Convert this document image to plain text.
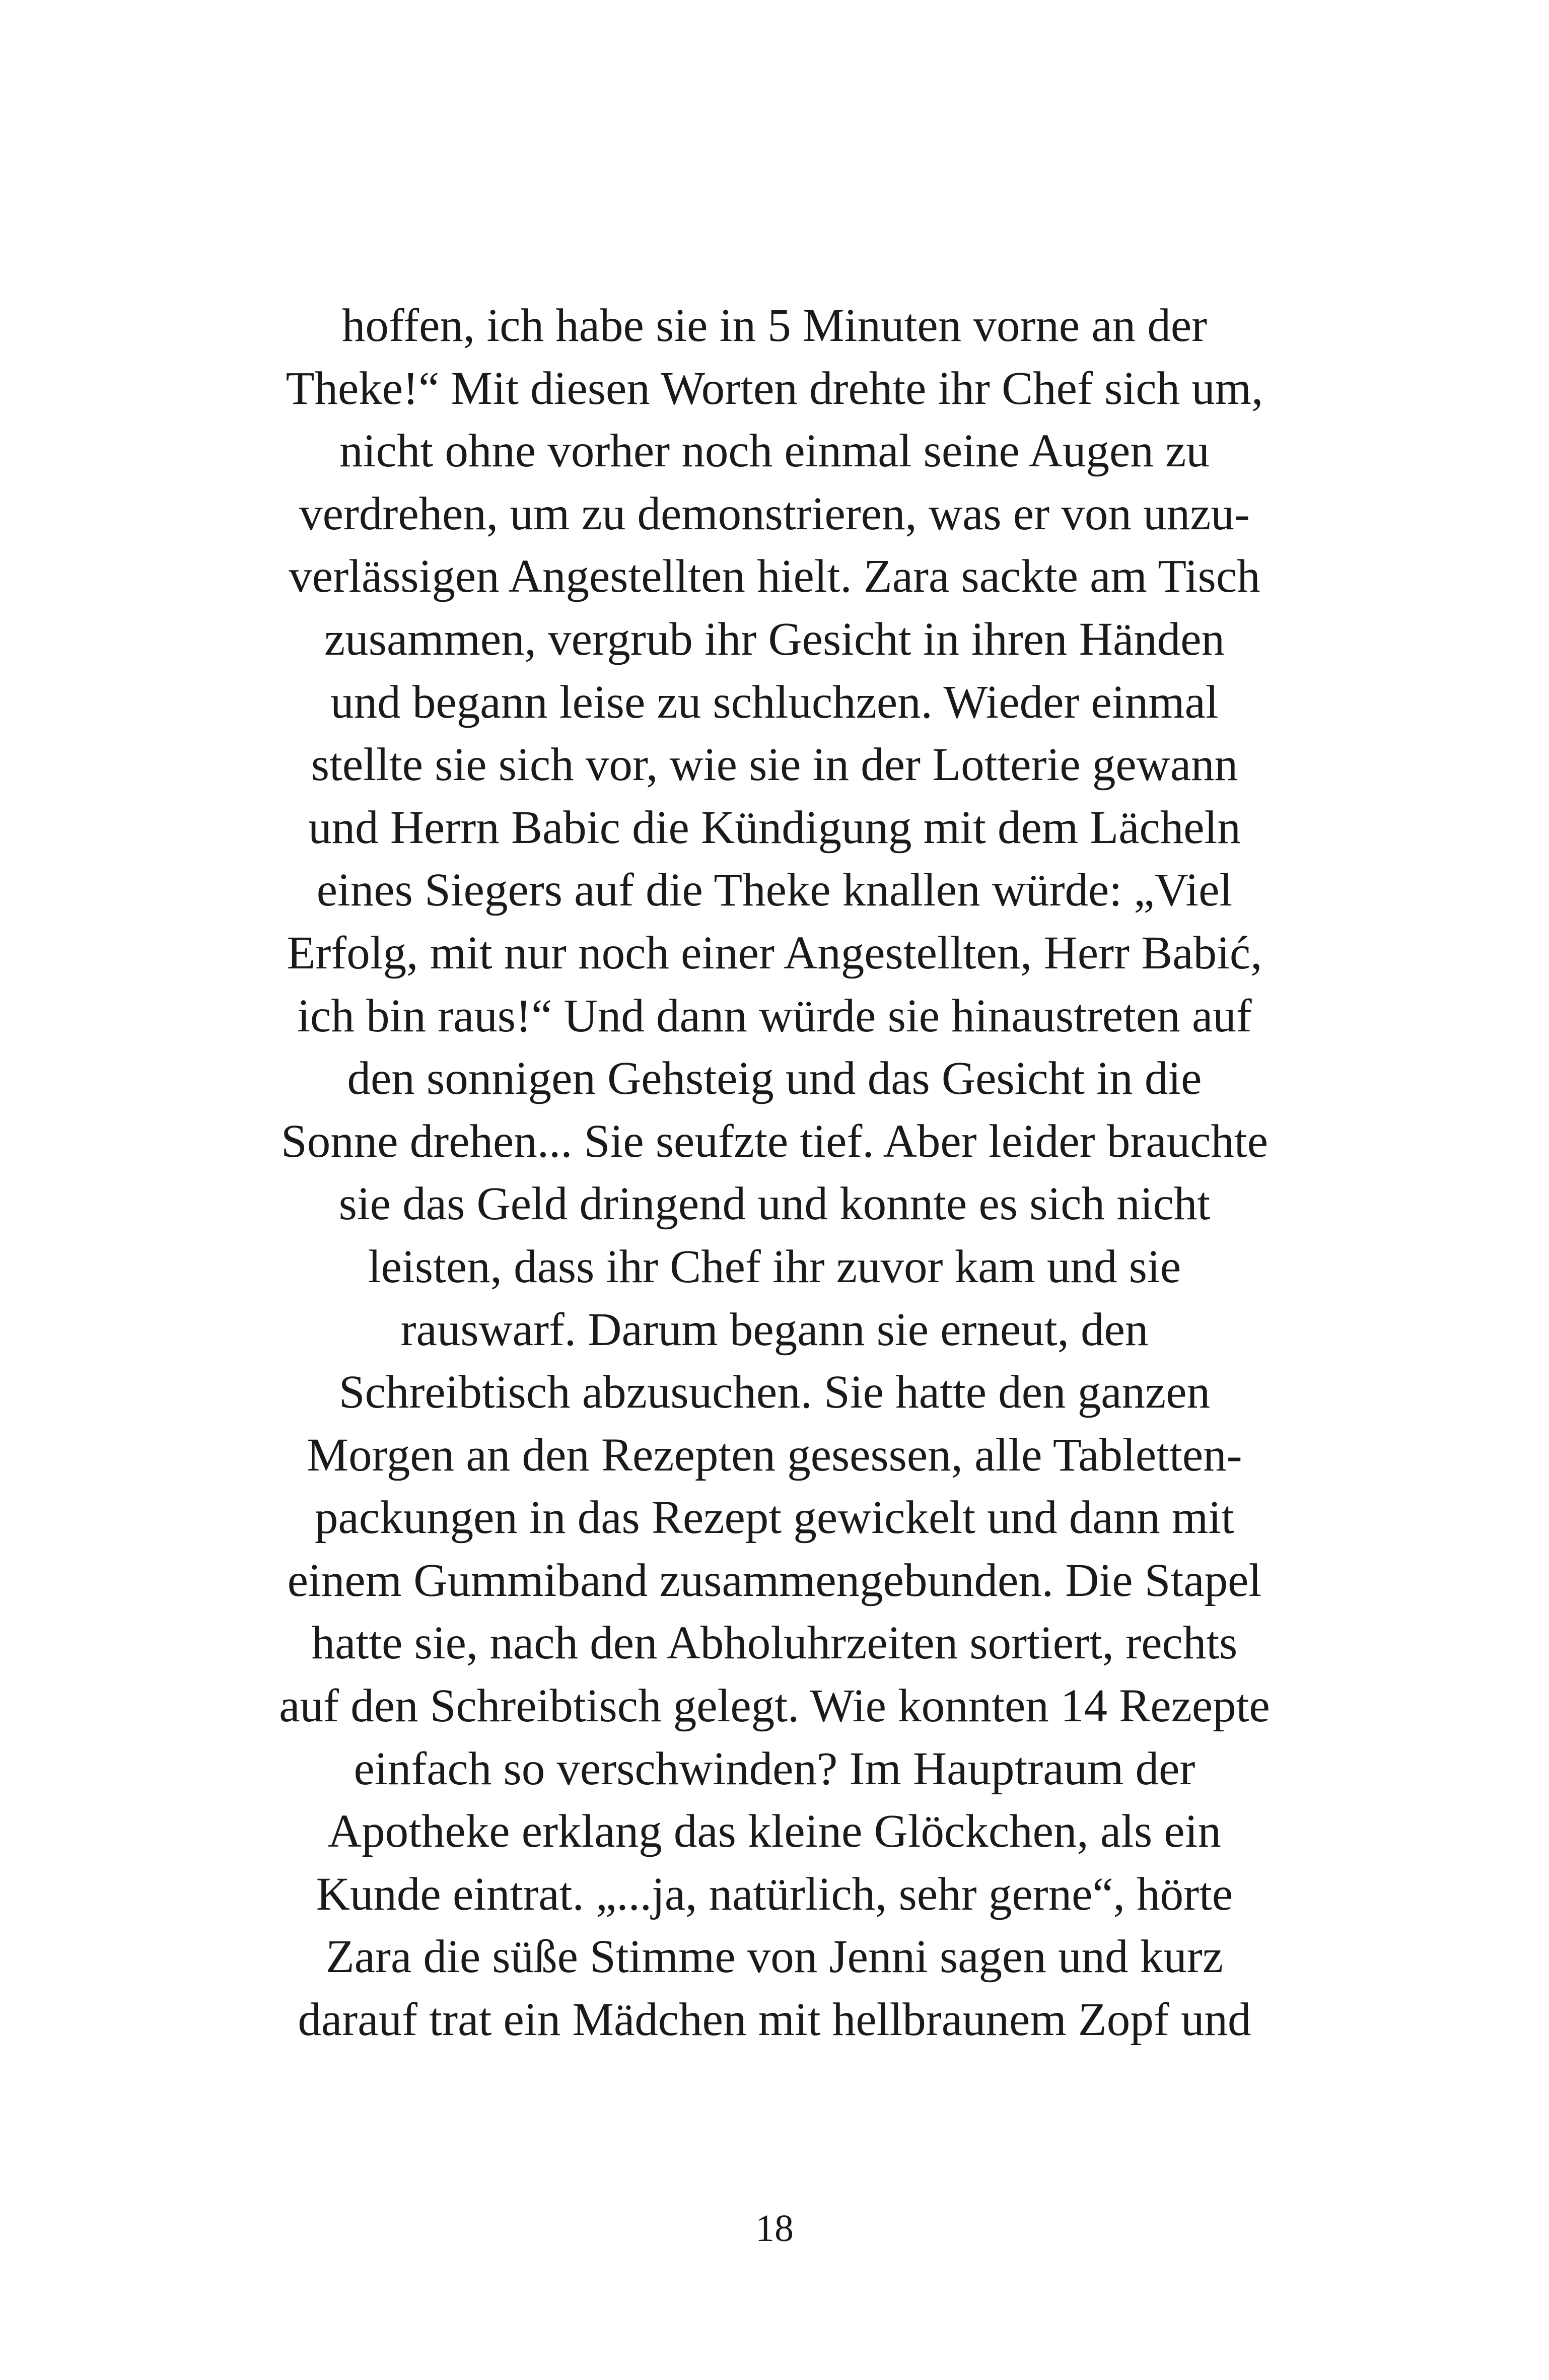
hoffen, ich habe sie in 5 Minuten vorne an der
Theke!“ Mit diesen Worten drehte ihr Chef sich um,
nicht ohne vorher noch einmal seine Augen zu
verdrehen, um zu demonstrieren, was er von unzu-
verlässigen Angestellten hielt. Zara sackte am Tisch
zusammen, vergrub ihr Gesicht in ihren Händen
und begann leise zu schluchzen. Wieder einmal
stellte sie sich vor, wie sie in der Lotterie gewann
und Herrn Babic die Kündigung mit dem Lächeln
eines Siegers auf die Theke knallen würde: „Viel
Erfolg, mit nur noch einer Angestellten, Herr Babić,
ich bin raus!“ Und dann würde sie hinaustreten auf
den sonnigen Gehsteig und das Gesicht in die
Sonne drehen... Sie seufzte tief. Aber leider brauchte
sie das Geld dringend und konnte es sich nicht
leisten, dass ihr Chef ihr zuvor kam und sie
rauswarf. Darum begann sie erneut, den
Schreibtisch abzusuchen. Sie hatte den ganzen
Morgen an den Rezepten gesessen, alle Tabletten-
packungen in das Rezept gewickelt und dann mit
einem Gummiband zusammengebunden. Die Stapel
hatte sie, nach den Abholuhrzeiten sortiert, rechts
auf den Schreibtisch gelegt. Wie konnten 14 Rezepte
einfach so verschwinden? Im Hauptraum der
Apotheke erklang das kleine Glöckchen, als ein
Kunde eintrat. „...ja, natürlich, sehr gerne“, hörte
Zara die süße Stimme von Jenni sagen und kurz
darauf trat ein Mädchen mit hellbraunem Zopf und
18
